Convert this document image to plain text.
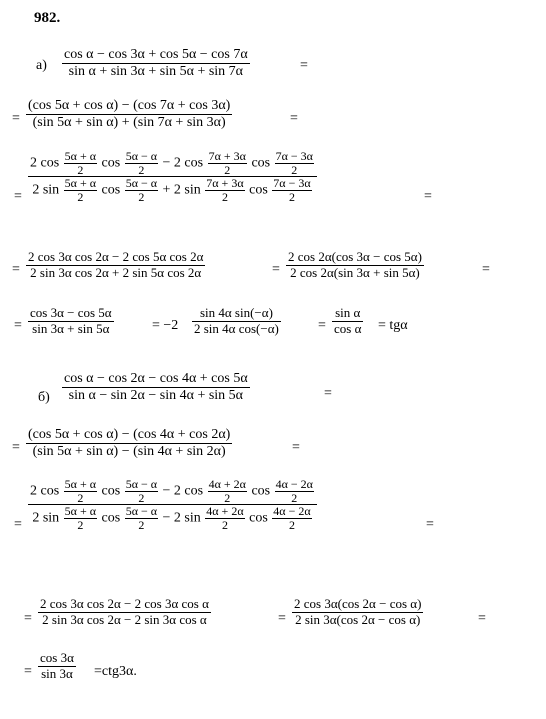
982.
а)
cos α − cos 3α + cos 5α − cos 7α
sin α + sin 3α + sin 5α + sin 7α	=
=
(cos 5α + cos α) − (cos 7α + cos 3α)
(sin 5α + sin α) + (sin 7α + sin 3α)	=
=
2 $\cos \frac{5\alpha + \alpha}{2}$ $\cos \frac{5\alpha - \alpha}{2} - 2$ $\cos \frac{7\alpha + 3\alpha}{2}$ $\cos \frac{7\alpha - 3\alpha}{2}$
2 $\sin \frac{5\alpha + \alpha}{2}$ $\cos \frac{5\alpha - \alpha}{2} + 2$ $\sin \frac{7\alpha + 3\alpha}{2}$ $\cos \frac{7\alpha - 3\alpha}{2}$	=
=
2 cos 3α cos 2α − 2 cos 5α cos 2α
2 sin 3α cos 2α + 2 sin 5α cos 2α	=
2 cos 2α(cos 3α − cos 5α)
2 cos 2α(sin 3α + sin 5α)	=
=
cos 3α − cos 5α
sin 3α + sin 5α	= −2
sin 4α sin(−α)
2 sin 4α cos(−α)	=
sin α
cos α = tgα
б)
cos α − cos 2α − cos 4α + cos 5α
sin α − sin 2α − sin 4α + sin 5α	=
=
(cos 5α + cos α) − (cos 4α + cos 2α)
(sin 5α + sin α) − (sin 4α + sin 2α)	=
=
2 $\cos \frac{5\alpha + \alpha}{2}$ $\cos \frac{5\alpha - \alpha}{2} - 2$ $\cos \frac{4\alpha + 2\alpha}{2}$ $\cos \frac{4\alpha - 2\alpha}{2}$
2 $\sin \frac{5\alpha + \alpha}{2}$ $\cos \frac{5\alpha - \alpha}{2} - 2$ $\sin \frac{4\alpha + 2\alpha}{2}$ $\cos \frac{4\alpha - 2\alpha}{2}$	=
=
2 cos 3α cos 2α − 2 cos 3α cos α
2 sin 3α cos 2α − 2 sin 3α cos α	=
2 cos 3α(cos 2α − cos α)
2 sin 3α(cos 2α − cos α)	=
=
cos 3α
sin 3α =ctg3α.
